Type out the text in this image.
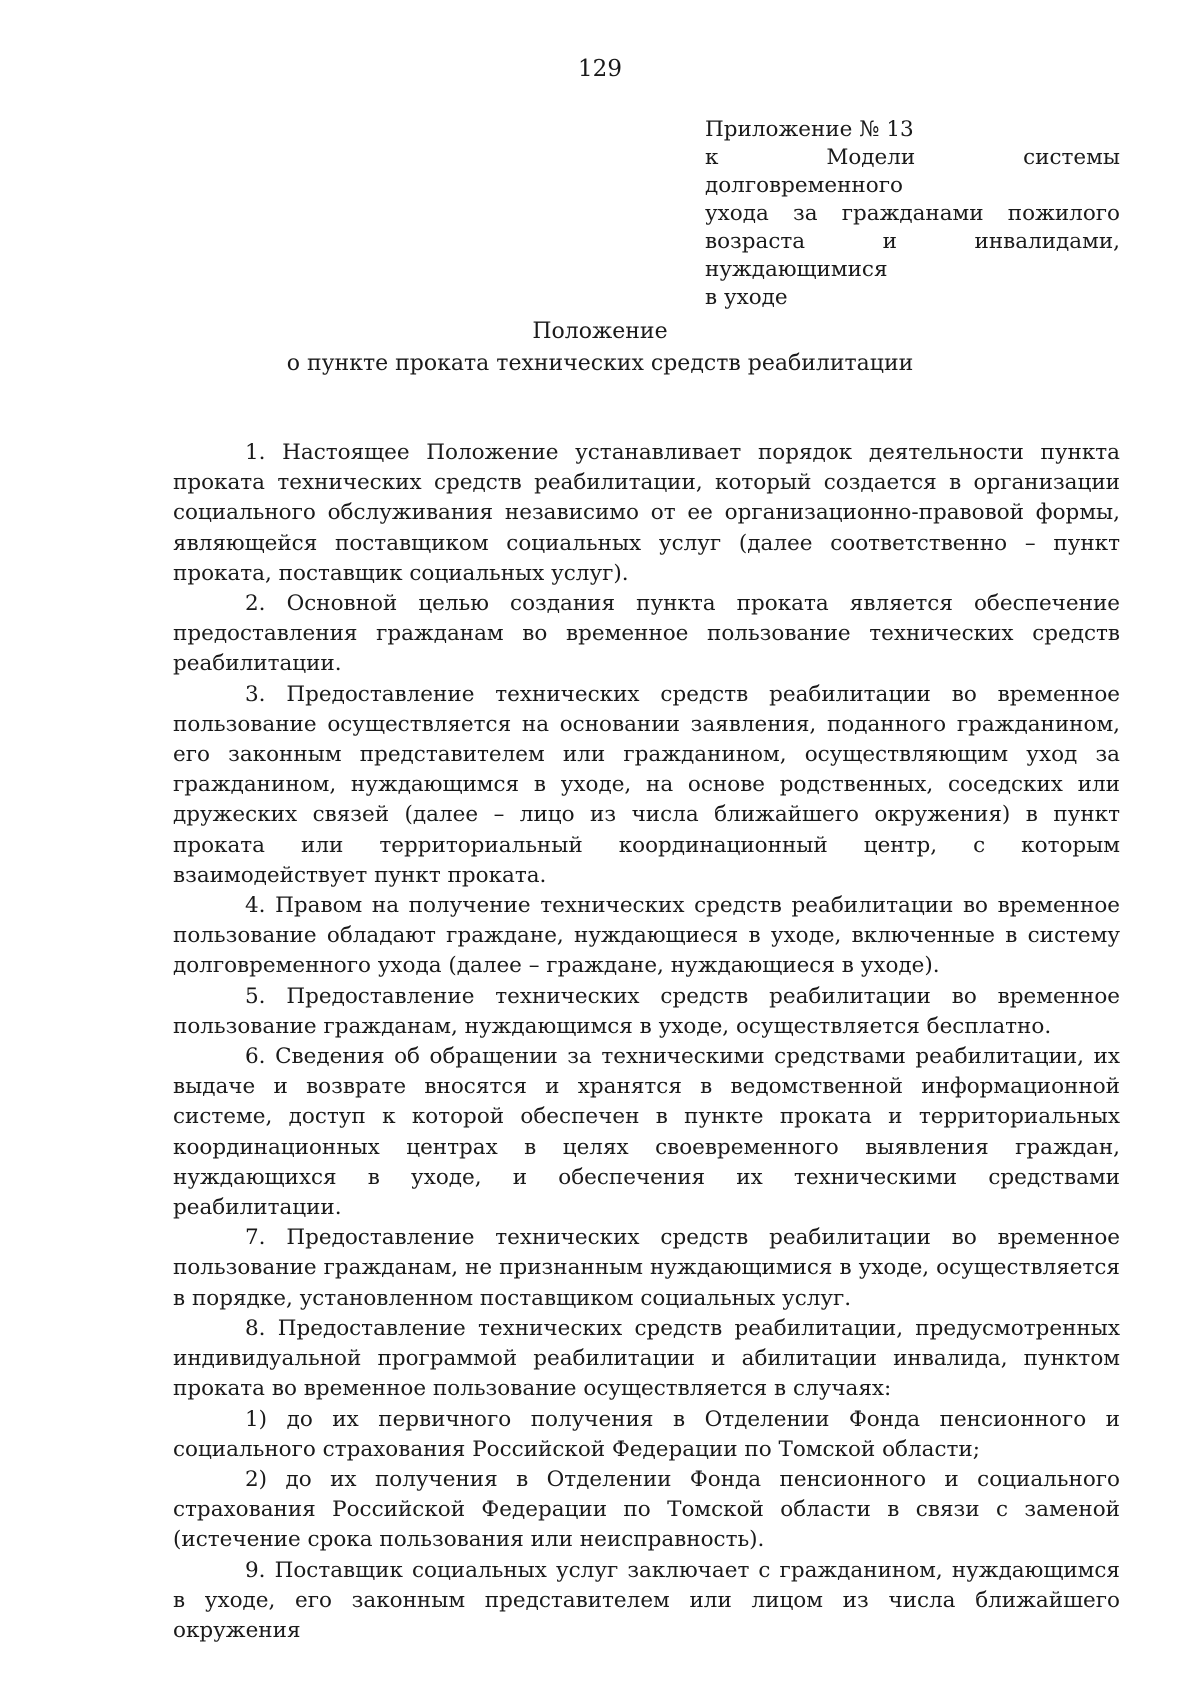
129
Приложение № 13
к Модели системы долговременного
ухода за гражданами пожилого
возраста и инвалидами, нуждающимися
в уходе
Положение
о пункте проката технических средств реабилитации

1. Настоящее Положение устанавливает порядок деятельности пункта проката технических средств реабилитации, который создается в организации социального обслуживания независимо от ее организационно-правовой формы, являющейся поставщиком социальных услуг (далее соответственно – пункт проката, поставщик социальных услуг).

2. Основной целью создания пункта проката является обеспечение предоставления гражданам во временное пользование технических средств реабилитации.

3. Предоставление технических средств реабилитации во временное пользование осуществляется на основании заявления, поданного гражданином, его законным представителем или гражданином, осуществляющим уход за гражданином, нуждающимся в уходе, на основе родственных, соседских или дружеских связей (далее – лицо из числа ближайшего окружения) в пункт проката или территориальный координационный центр, с которым взаимодействует пункт проката.

4. Правом на получение технических средств реабилитации во временное пользование обладают граждане, нуждающиеся в уходе, включенные в систему долговременного ухода (далее – граждане, нуждающиеся в уходе).

5. Предоставление технических средств реабилитации во временное пользование гражданам, нуждающимся в уходе, осуществляется бесплатно.

6. Сведения об обращении за техническими средствами реабилитации, их выдаче и возврате вносятся и хранятся в ведомственной информационной системе, доступ к которой обеспечен в пункте проката и территориальных координационных центрах в целях своевременного выявления граждан, нуждающихся в уходе, и обеспечения их техническими средствами реабилитации.

7. Предоставление технических средств реабилитации во временное пользование гражданам, не признанным нуждающимися в уходе, осуществляется в порядке, установленном поставщиком социальных услуг.

8. Предоставление технических средств реабилитации, предусмотренных индивидуальной программой реабилитации и абилитации инвалида, пунктом проката во временное пользование осуществляется в случаях:

1) до их первичного получения в Отделении Фонда пенсионного и социального страхования Российской Федерации по Томской области;

2) до их получения в Отделении Фонда пенсионного и социального страхования Российской Федерации по Томской области в связи с заменой (истечение срока пользования или неисправность).

9. Поставщик социальных услуг заключает с гражданином, нуждающимся в уходе, его законным представителем или лицом из числа ближайшего окружения
